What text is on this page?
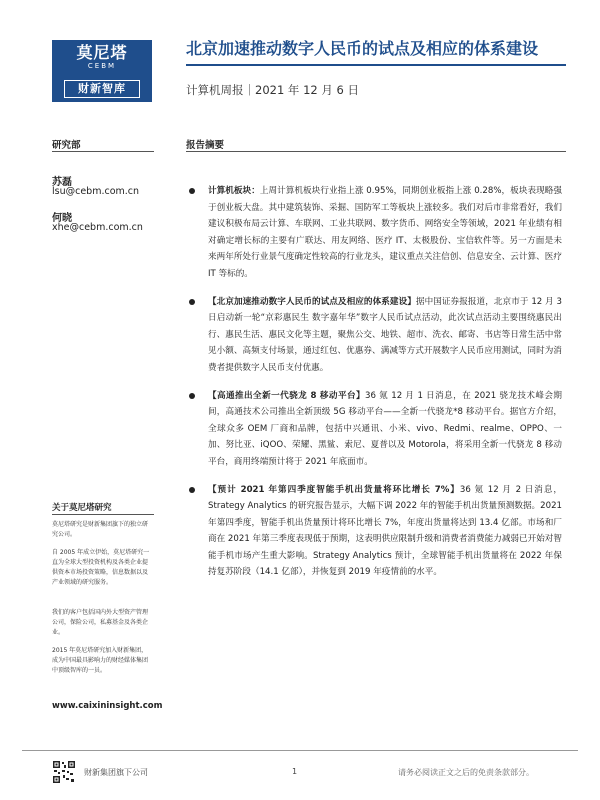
莫尼塔
CEBM
财新智库
北京加速推动数字人民币的试点及相应的体系建设
计算机周报｜2021 年 12 月 6 日
研究部	报告摘要
苏磊
lsu@cebm.com.cn
何晓
xhe@cebm.com.cn
计算机板块：上周计算机板块行业指上涨 0.95%，同期创业板指上涨 0.28%，板块表现略强于创业板大盘。其中建筑装饰、采掘、国防军工等板块上涨较多。我们对后市非常看好，我们建议积极布局云计算、车联网、工业共联网、数字货币、网络安全等领域，2021 年业绩有相对确定增长标的主要有广联达、用友网络、医疗 IT、太极股份、宝信软件等。另一方面是未来两年所处行业景气度确定性较高的行业龙头，建议重点关注信创、信息安全、云计算、医疗 IT 等标的。
【北京加速推动数字人民币的试点及相应的体系建设】据中国证券报报道，北京市于 12 月 3 日启动新一轮“京彩惠民生 数字嘉年华”数字人民币试点活动，此次试点活动主要围绕惠民出行、惠民生活、惠民文化等主题，聚焦公交、地铁、超市、洗衣、邮寄、书店等日常生活中常见小额、高频支付场景，通过红包、优惠券、满减等方式开展数字人民币应用测试，同时为消费者提供数字人民币支付优惠。
【高通推出全新一代骁龙 8 移动平台】36 氪 12 月 1 日消息，在 2021 骁龙技术峰会期间，高通技术公司推出全新顶级 5G 移动平台——全新一代骁龙*8 移动平台。据官方介绍，全球众多 OEM 厂商和品牌，包括中兴通讯、小米、vivo、Redmi、realme、OPPO、一加、努比亚、iQOO、荣耀、黑鲨、索尼、夏普以及 Motorola，将采用全新一代骁龙 8 移动平台，商用终端预计将于 2021 年底面市。
【预计 2021 年第四季度智能手机出货量将环比增长 7%】36 氪 12 月 2 日消息，Strategy Analytics 的研究报告显示，大幅下调 2022 年的智能手机出货量预测数据。2021 年第四季度，智能手机出货量预计将环比增长 7%，年度出货量将达到 13.4 亿部。市场和厂商在 2021 年第三季度表现低于预期，这表明供应限制升级和消费者消费能力减弱已开始对智能手机市场产生重大影响。Strategy Analytics 预计，全球智能手机出货量将在 2022 年保持复苏阶段（14.1 亿部），并恢复到 2019 年疫情前的水平。
关于莫尼塔研究
莫尼塔研究是财新集团旗下的独立研究公司。
自 2005 年成立伊始，莫尼塔研究一直为全球大型投资机构及各类企业提供资本市场投资策略，信息数据以及产业领域的研究服务。
我们的客户包括国内外大型资产管理公司，保险公司，私募基金及各类企业。
2015 年莫尼塔研究加入财新集团，成为中国最具影响力的财经媒体集团中顶级智库的一员。
www.caixininsight.com
财新集团旗下公司	1	请务必阅读正文之后的免责条款部分。
